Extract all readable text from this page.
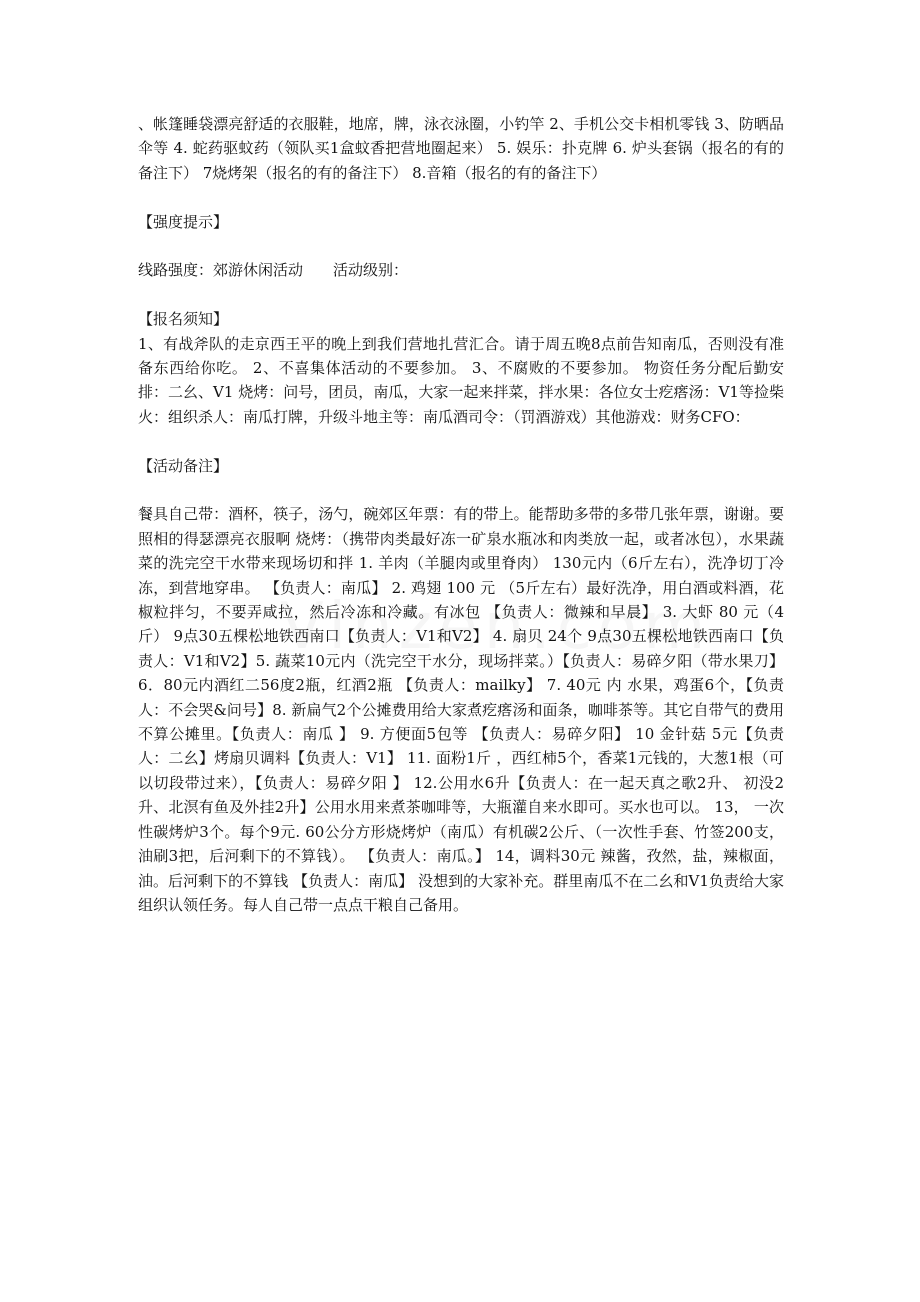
、帐篷睡袋漂亮舒适的衣服鞋，地席，牌，泳衣泳圈，小钓竿 2、手机公交卡相机零钱 3、防晒品伞等 4. 蛇药驱蚊药（领队买1盒蚊香把营地圈起来） 5. 娱乐：扑克牌 6. 炉头套锅（报名的有的备注下） 7烧烤架（报名的有的备注下） 8.音箱（报名的有的备注下）

【强度提示】

线路强度：郊游休闲活动　　活动级别：

【报名须知】

1、有战斧队的走京西王平的晚上到我们营地扎营汇合。请于周五晚8点前告知南瓜，否则没有准备东西给你吃。 2、不喜集体活动的不要参加。 3、不腐败的不要参加。 物资任务分配后勤安排：二幺、V1 烧烤：问号，团员，南瓜，大家一起来拌菜，拌水果：各位女士疙瘩汤：V1等捡柴火：组织杀人：南瓜打牌，升级斗地主等：南瓜酒司令：（罚酒游戏）其他游戏：财务CFO：

【活动备注】

餐具自己带：酒杯，筷子，汤勺，碗郊区年票：有的带上。能帮助多带的多带几张年票，谢谢。要照相的得瑟漂亮衣服啊 烧烤：（携带肉类最好冻一矿泉水瓶冰和肉类放一起，或者冰包），水果蔬菜的洗完空干水带来现场切和拌 1. 羊肉（羊腿肉或里脊肉） 130元内（6斤左右），洗净切丁冷冻，到营地穿串。 【负责人：南瓜】 2. 鸡翅 100 元 （5斤左右）最好洗净，用白酒或料酒，花椒粒拌匀，不要弄咸拉，然后冷冻和冷藏。有冰包 【负责人：微辣和早晨】 3. 大虾 80 元（4斤） 9点30五棵松地铁西南口【负责人：V1和V2】 4. 扇贝 24个 9点30五棵松地铁西南口【负责人：V1和V2】5. 蔬菜10元内（洗完空干水分，现场拌菜。）【负责人：易碎夕阳（带水果刀】6．80元内酒红二56度2瓶，红酒2瓶 【负责人：mailky】 7. 40元 内 水果，鸡蛋6个，【负责人：不会哭&问号】8. 新扁气2个公摊费用给大家煮疙瘩汤和面条，咖啡茶等。其它自带气的费用不算公摊里。【负责人：南瓜 】 9. 方便面5包等 【负责人：易碎夕阳】 10 金针菇 5元【负责人：二幺】烤扇贝调料【负责人：V1】 11. 面粉1斤 ，西红柿5个，香菜1元钱的，大葱1根（可以切段带过来），【负责人：易碎夕阳 】 12.公用水6升【负责人：在一起天真之歌2升、 初没2升、北溟有鱼及外挂2升】公用水用来煮茶咖啡等，大瓶灌自来水即可。买水也可以。 13， 一次性碳烤炉3个。每个9元. 60公分方形烧烤炉（南瓜）有机碳2公斤、（一次性手套、竹签200支，油刷3把，后河剩下的不算钱）。 【负责人：南瓜。】 14，调料30元 辣酱，孜然，盐，辣椒面，油。后河剩下的不算钱 【负责人：南瓜】 没想到的大家补充。群里南瓜不在二幺和V1负责给大家组织认领任务。每人自己带一点点干粮自己备用。
